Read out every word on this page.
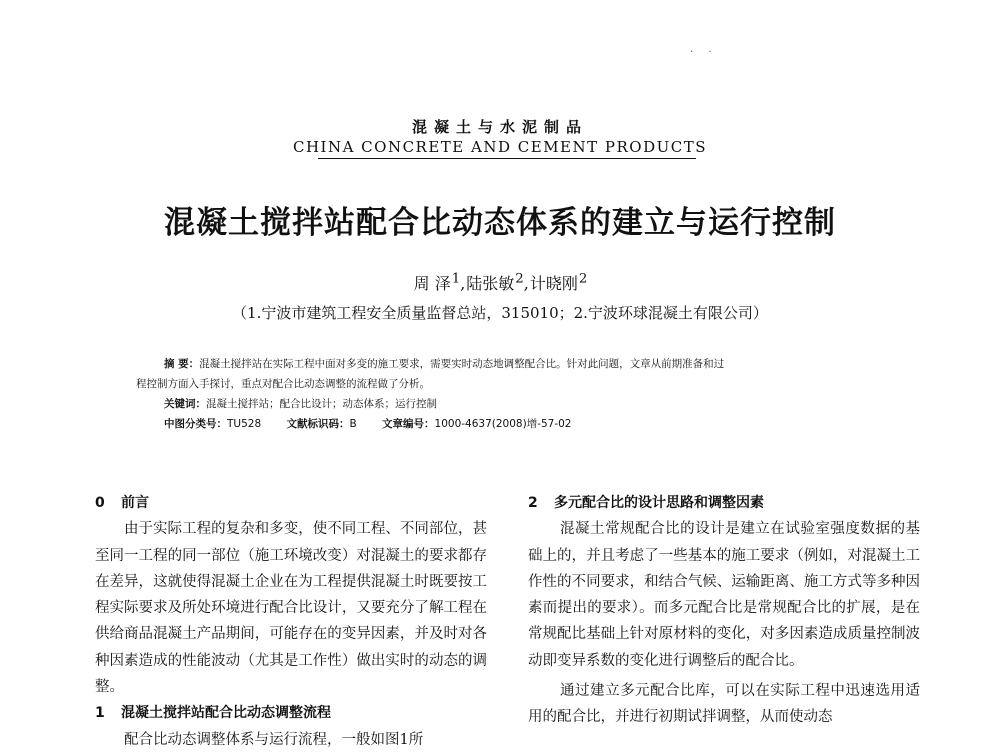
. .
混凝土与水泥制品
CHINA CONCRETE AND CEMENT PRODUCTS
混凝土搅拌站配合比动态体系的建立与运行控制
周 泽$^1$,陆张敏$^2$,计晓刚$^2$
（1.宁波市建筑工程安全质量监督总站，315010；2.宁波环球混凝土有限公司）
摘 要：混凝土搅拌站在实际工程中面对多变的施工要求，需要实时动态地调整配合比。针对此问题，文章从前期准备和过
程控制方面入手探讨，重点对配合比动态调整的流程做了分析。
关键词：混凝土搅拌站；配合比设计；动态体系；运行控制
中图分类号：TU528 文献标识码：B 文章编号：1000-4637(2008)增-57-02
0 前言
由于实际工程的复杂和多变，使不同工程、不同部位，甚至同一工程的同一部位（施工环境改变）对混凝土的要求都存在差异，这就使得混凝土企业在为工程提供混凝土时既要按工程实际要求及所处环境进行配合比设计，又要充分了解工程在供给商品混凝土产品期间，可能存在的变异因素，并及时对各种因素造成的性能波动（尤其是工作性）做出实时的动态的调整。
1 混凝土搅拌站配合比动态调整流程
配合比动态调整体系与运行流程，一般如图1所
2 多元配合比的设计思路和调整因素
混凝土常规配合比的设计是建立在试验室强度数据的基础上的，并且考虑了一些基本的施工要求（例如，对混凝土工作性的不同要求，和结合气候、运输距离、施工方式等多种因素而提出的要求）。而多元配合比是常规配合比的扩展，是在常规配比基础上针对原材料的变化，对多因素造成质量控制波动即变异系数的变化进行调整后的配合比。
通过建立多元配合比库，可以在实际工程中迅速选用适用的配合比，并进行初期试拌调整，从而使动态
